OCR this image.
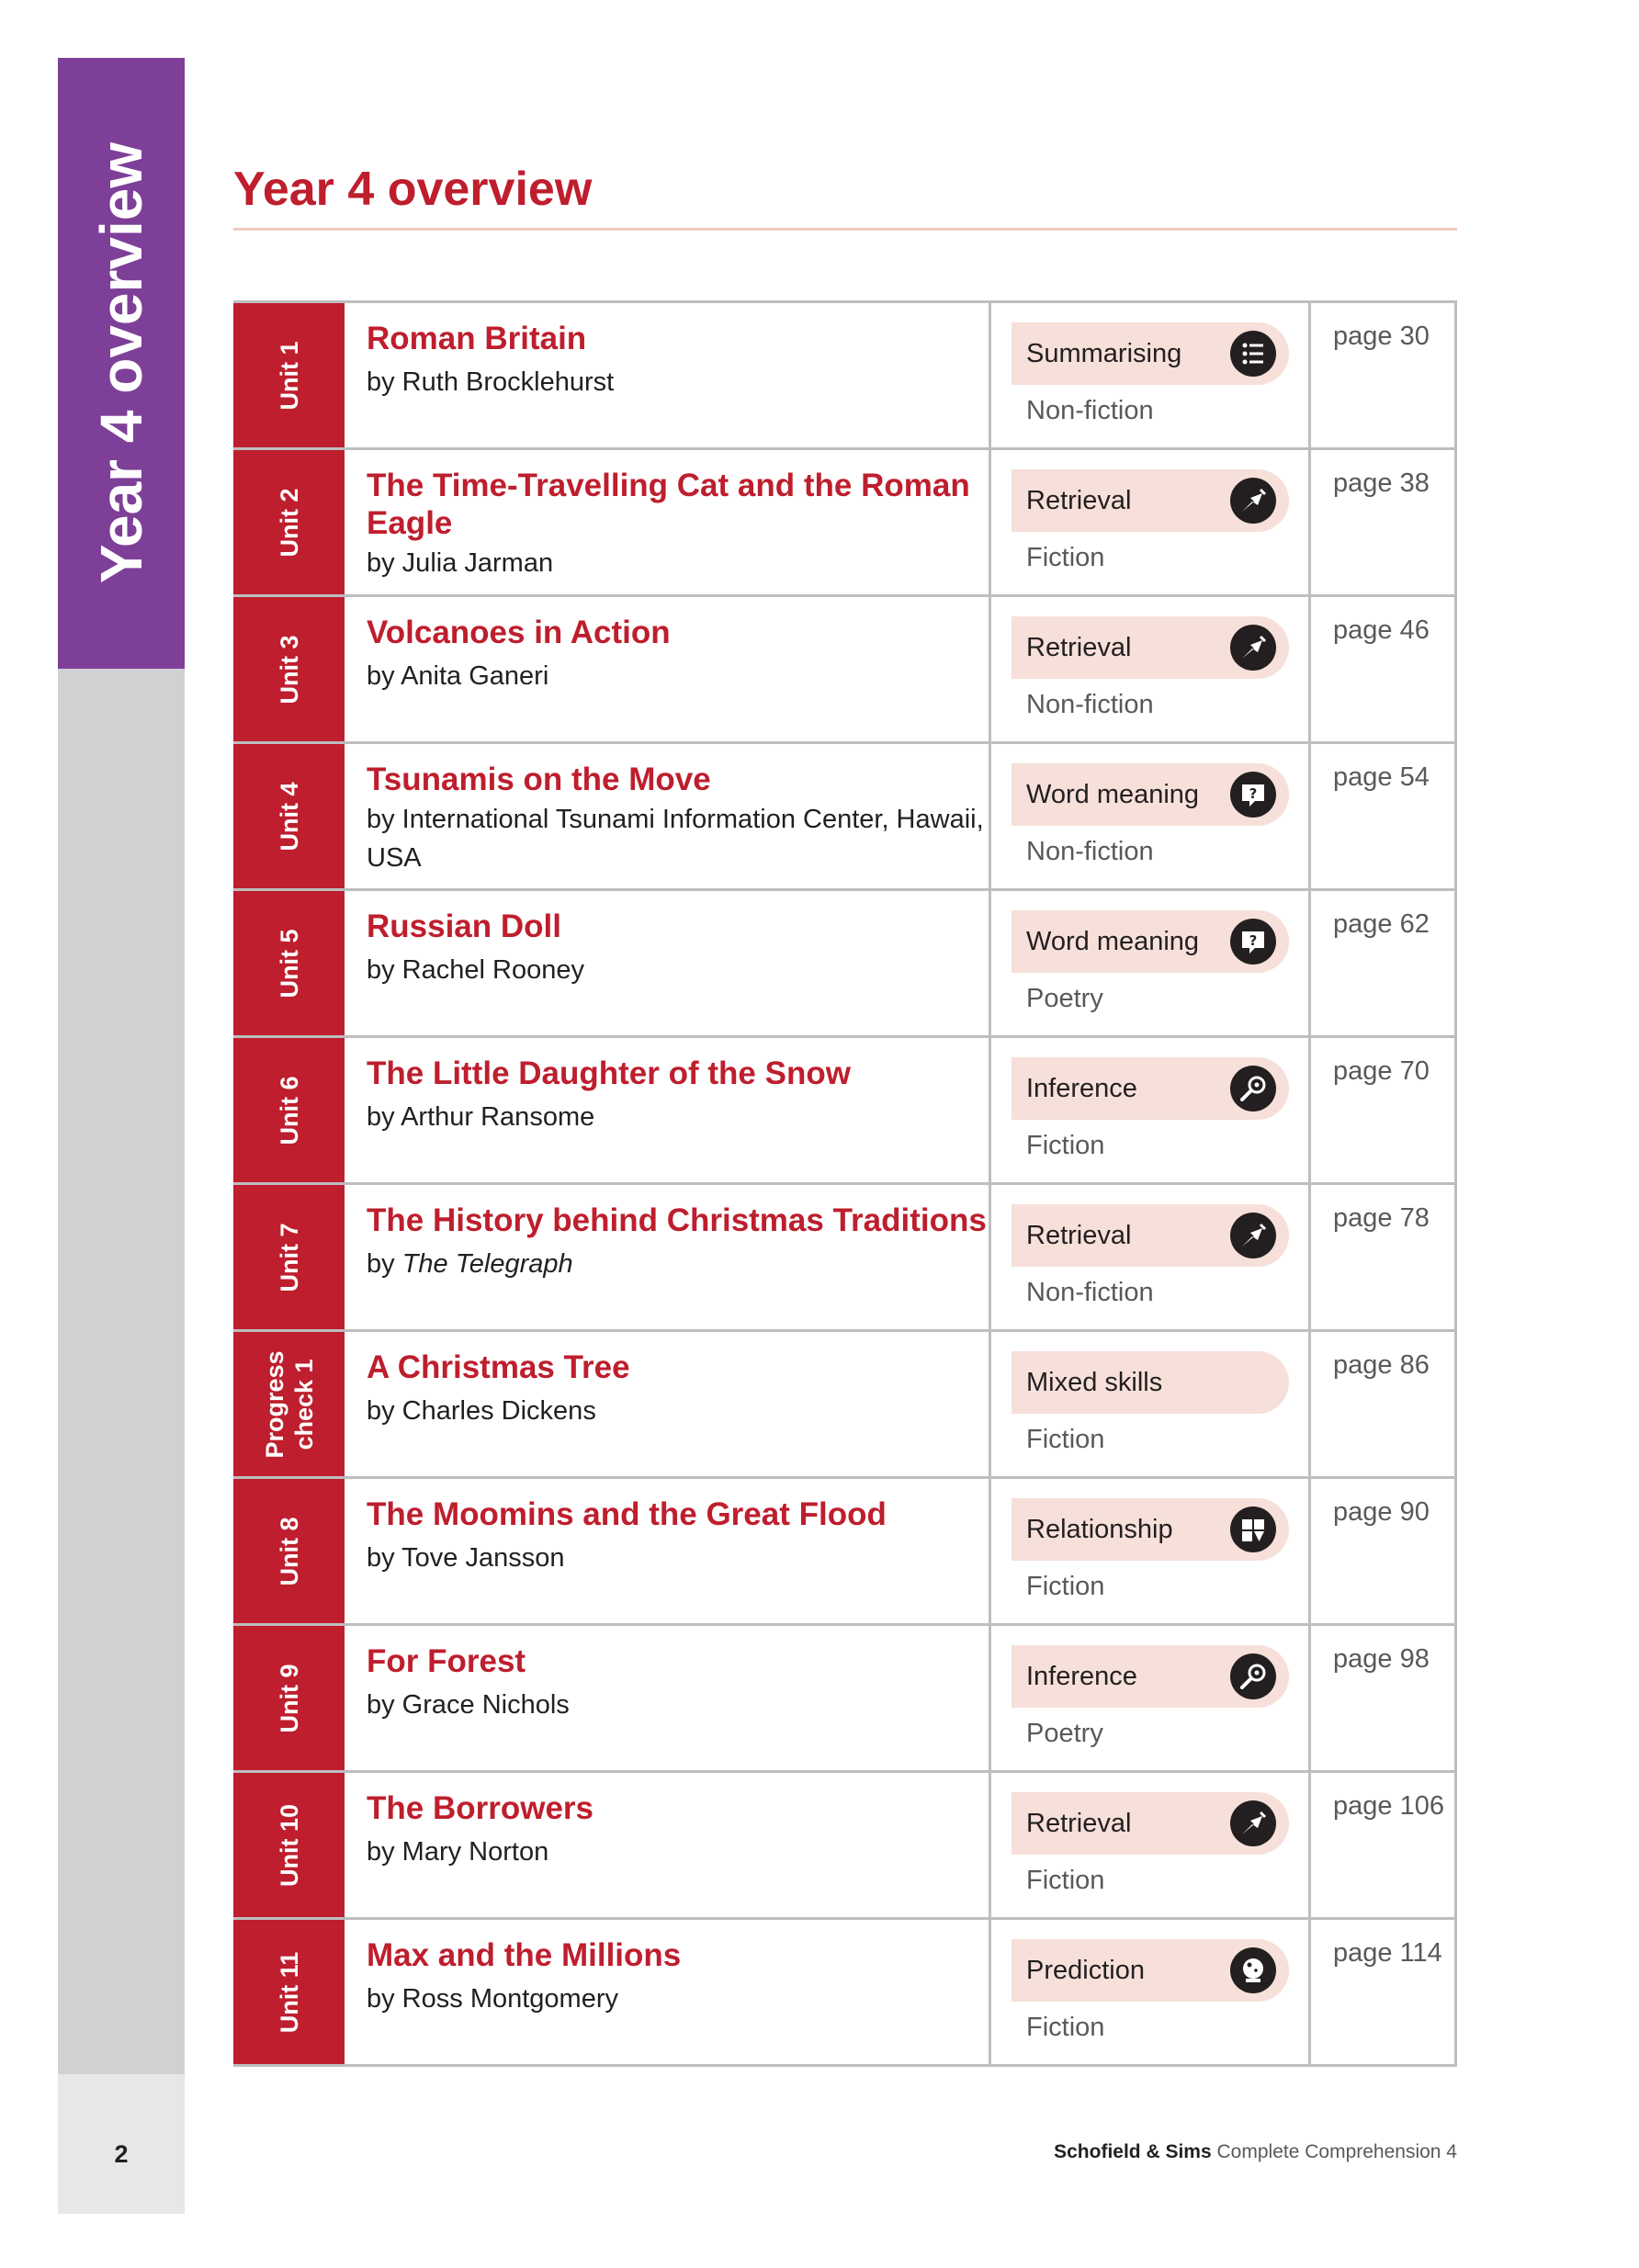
Year 4 overview
2
Year 4 overview
Unit 1
Roman Britain
by Ruth Brocklehurst
Summarising
Non-fiction
page 30
Unit 2
The Time-Travelling Cat and the Roman Eagle
by Julia Jarman
Retrieval
Fiction
page 38
Unit 3
Volcanoes in Action
by Anita Ganeri
Retrieval
Non-fiction
page 46
Unit 4
Tsunamis on the Move
by International Tsunami Information Center, Hawaii, USA
Word meaning	?
Non-fiction
page 54
Unit 5
Russian Doll
by Rachel Rooney
Word meaning	?
Poetry
page 62
Unit 6
The Little Daughter of the Snow
by Arthur Ransome
Inference
Fiction
page 70
Unit 7
The History behind Christmas Traditions
by The Telegraph
Retrieval
Non-fiction
page 78
Progress check 1 A Christmas Tree
by Charles Dickens
Mixed skills
Fiction
page 86
Unit 8
The Moomins and the Great Flood
by Tove Jansson
Relationship
Fiction
page 90
Unit 9
For Forest
by Grace Nichols
Inference
Poetry
page 98
Unit 10 The Borrowers
by Mary Norton
Retrieval
Fiction
page 106
Unit 11 Max and the Millions
by Ross Montgomery
Prediction
Fiction
page 114
Schofield & Sims Complete Comprehension 4
